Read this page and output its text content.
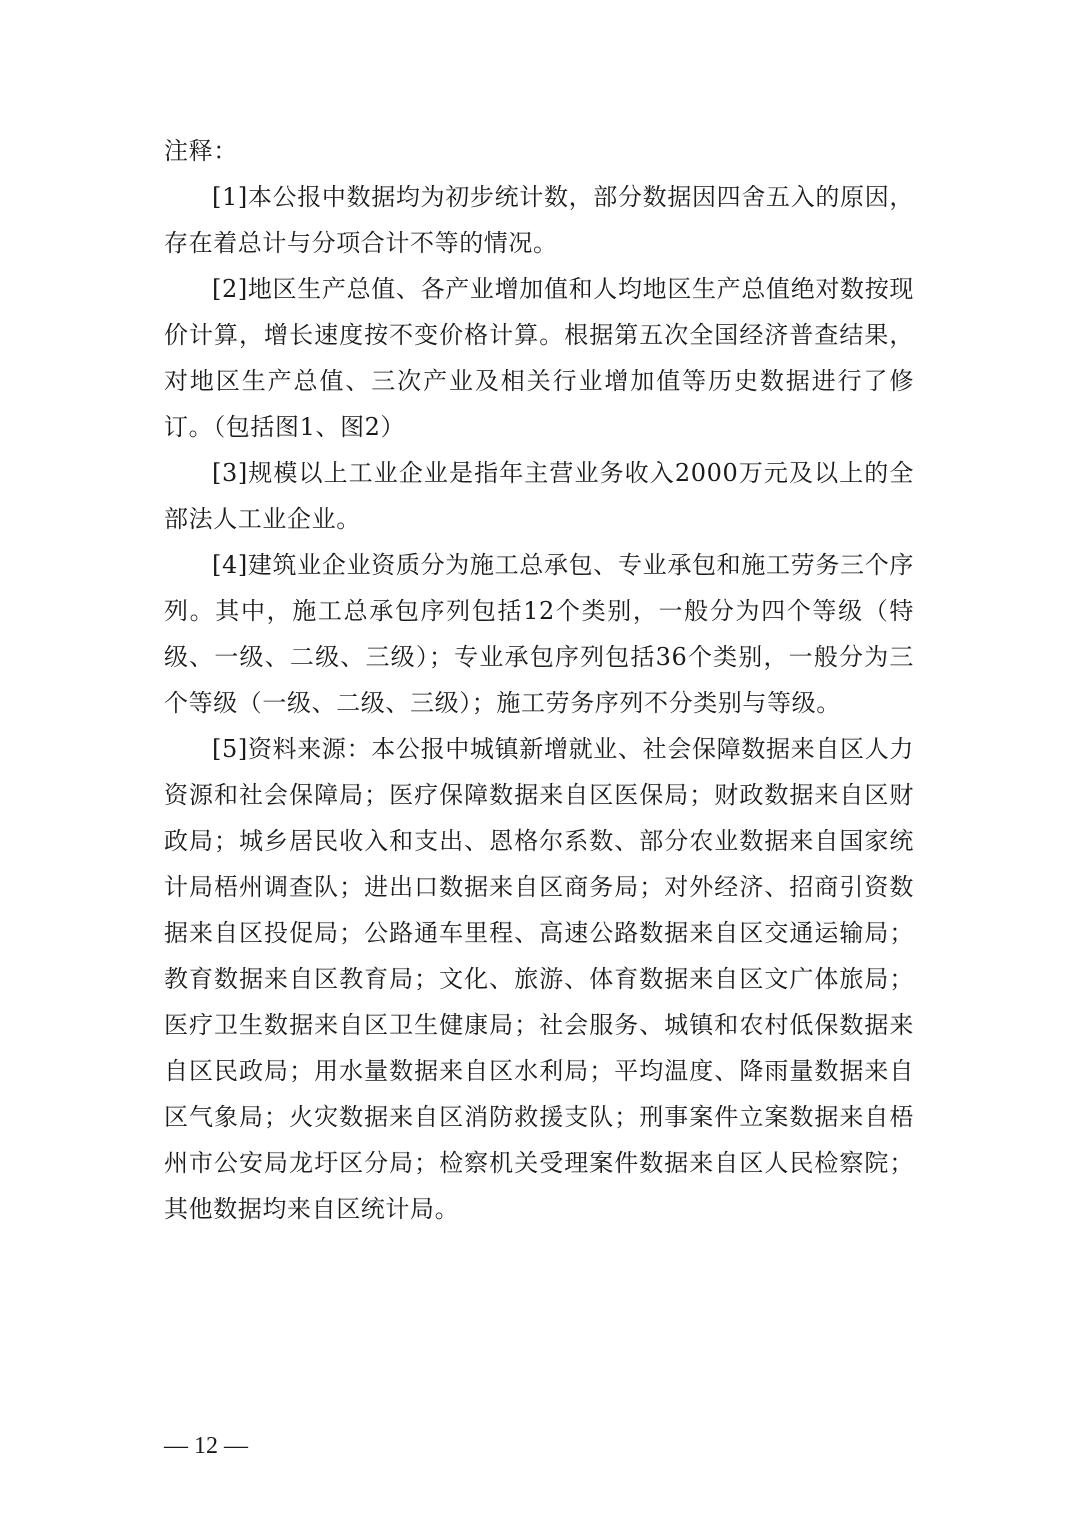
注释：

[1]本公报中数据均为初步统计数，部分数据因四舍五入的原因，存在着总计与分项合计不等的情况。

[2]地区生产总值、各产业增加值和人均地区生产总值绝对数按现价计算，增长速度按不变价格计算。根据第五次全国经济普查结果，对地区生产总值、三次产业及相关行业增加值等历史数据进行了修订。（包括图1、图2）

[3]规模以上工业企业是指年主营业务收入2000万元及以上的全部法人工业企业。

[4]建筑业企业资质分为施工总承包、专业承包和施工劳务三个序列。其中，施工总承包序列包括12个类别，一般分为四个等级（特级、一级、二级、三级）；专业承包序列包括36个类别，一般分为三个等级（一级、二级、三级）；施工劳务序列不分类别与等级。

[5]资料来源：本公报中城镇新增就业、社会保障数据来自区人力资源和社会保障局；医疗保障数据来自区医保局；财政数据来自区财政局；城乡居民收入和支出、恩格尔系数、部分农业数据来自国家统计局梧州调查队；进出口数据来自区商务局；对外经济、招商引资数据来自区投促局；公路通车里程、高速公路数据来自区交通运输局；教育数据来自区教育局；文化、旅游、体育数据来自区文广体旅局；医疗卫生数据来自区卫生健康局；社会服务、城镇和农村低保数据来自区民政局；用水量数据来自区水利局；平均温度、降雨量数据来自区气象局；火灾数据来自区消防救援支队；刑事案件立案数据来自梧州市公安局龙圩区分局；检察机关受理案件数据来自区人民检察院；其他数据均来自区统计局。

— 12 —
